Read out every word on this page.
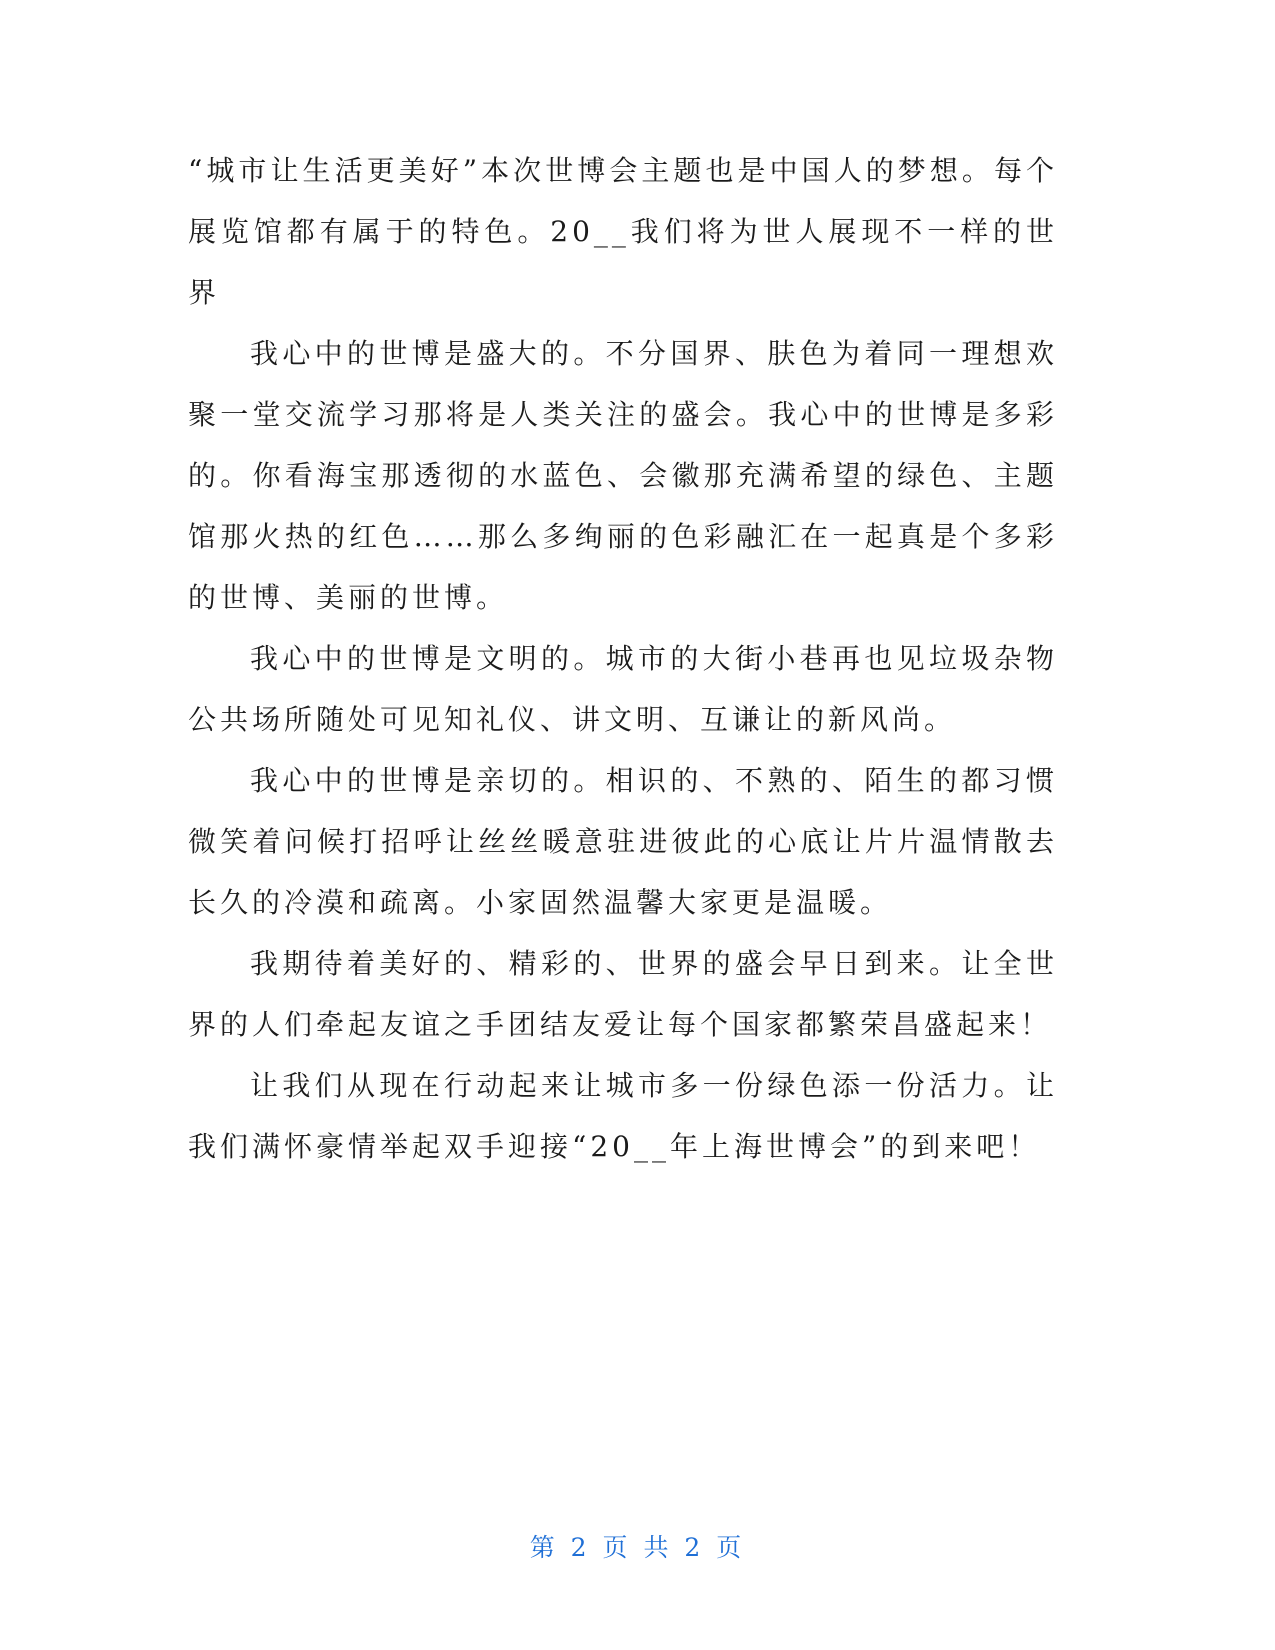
“城市让生活更美好”本次世博会主题也是中国人的梦想。每个展览馆都有属于的特色。20__我们将为世人展现不一样的世界

我心中的世博是盛大的。不分国界、肤色为着同一理想欢聚一堂交流学习那将是人类关注的盛会。我心中的世博是多彩的。你看海宝那透彻的水蓝色、会徽那充满希望的绿色、主题馆那火热的红色……那么多绚丽的色彩融汇在一起真是个多彩的世博、美丽的世博。

我心中的世博是文明的。城市的大街小巷再也见垃圾杂物公共场所随处可见知礼仪、讲文明、互谦让的新风尚。

我心中的世博是亲切的。相识的、不熟的、陌生的都习惯微笑着问候打招呼让丝丝暖意驻进彼此的心底让片片温情散去长久的冷漠和疏离。小家固然温馨大家更是温暖。

我期待着美好的、精彩的、世界的盛会早日到来。让全世界的人们牵起友谊之手团结友爱让每个国家都繁荣昌盛起来！

让我们从现在行动起来让城市多一份绿色添一份活力。让我们满怀豪情举起双手迎接“20__年上海世博会”的到来吧！

第 2 页 共 2 页
